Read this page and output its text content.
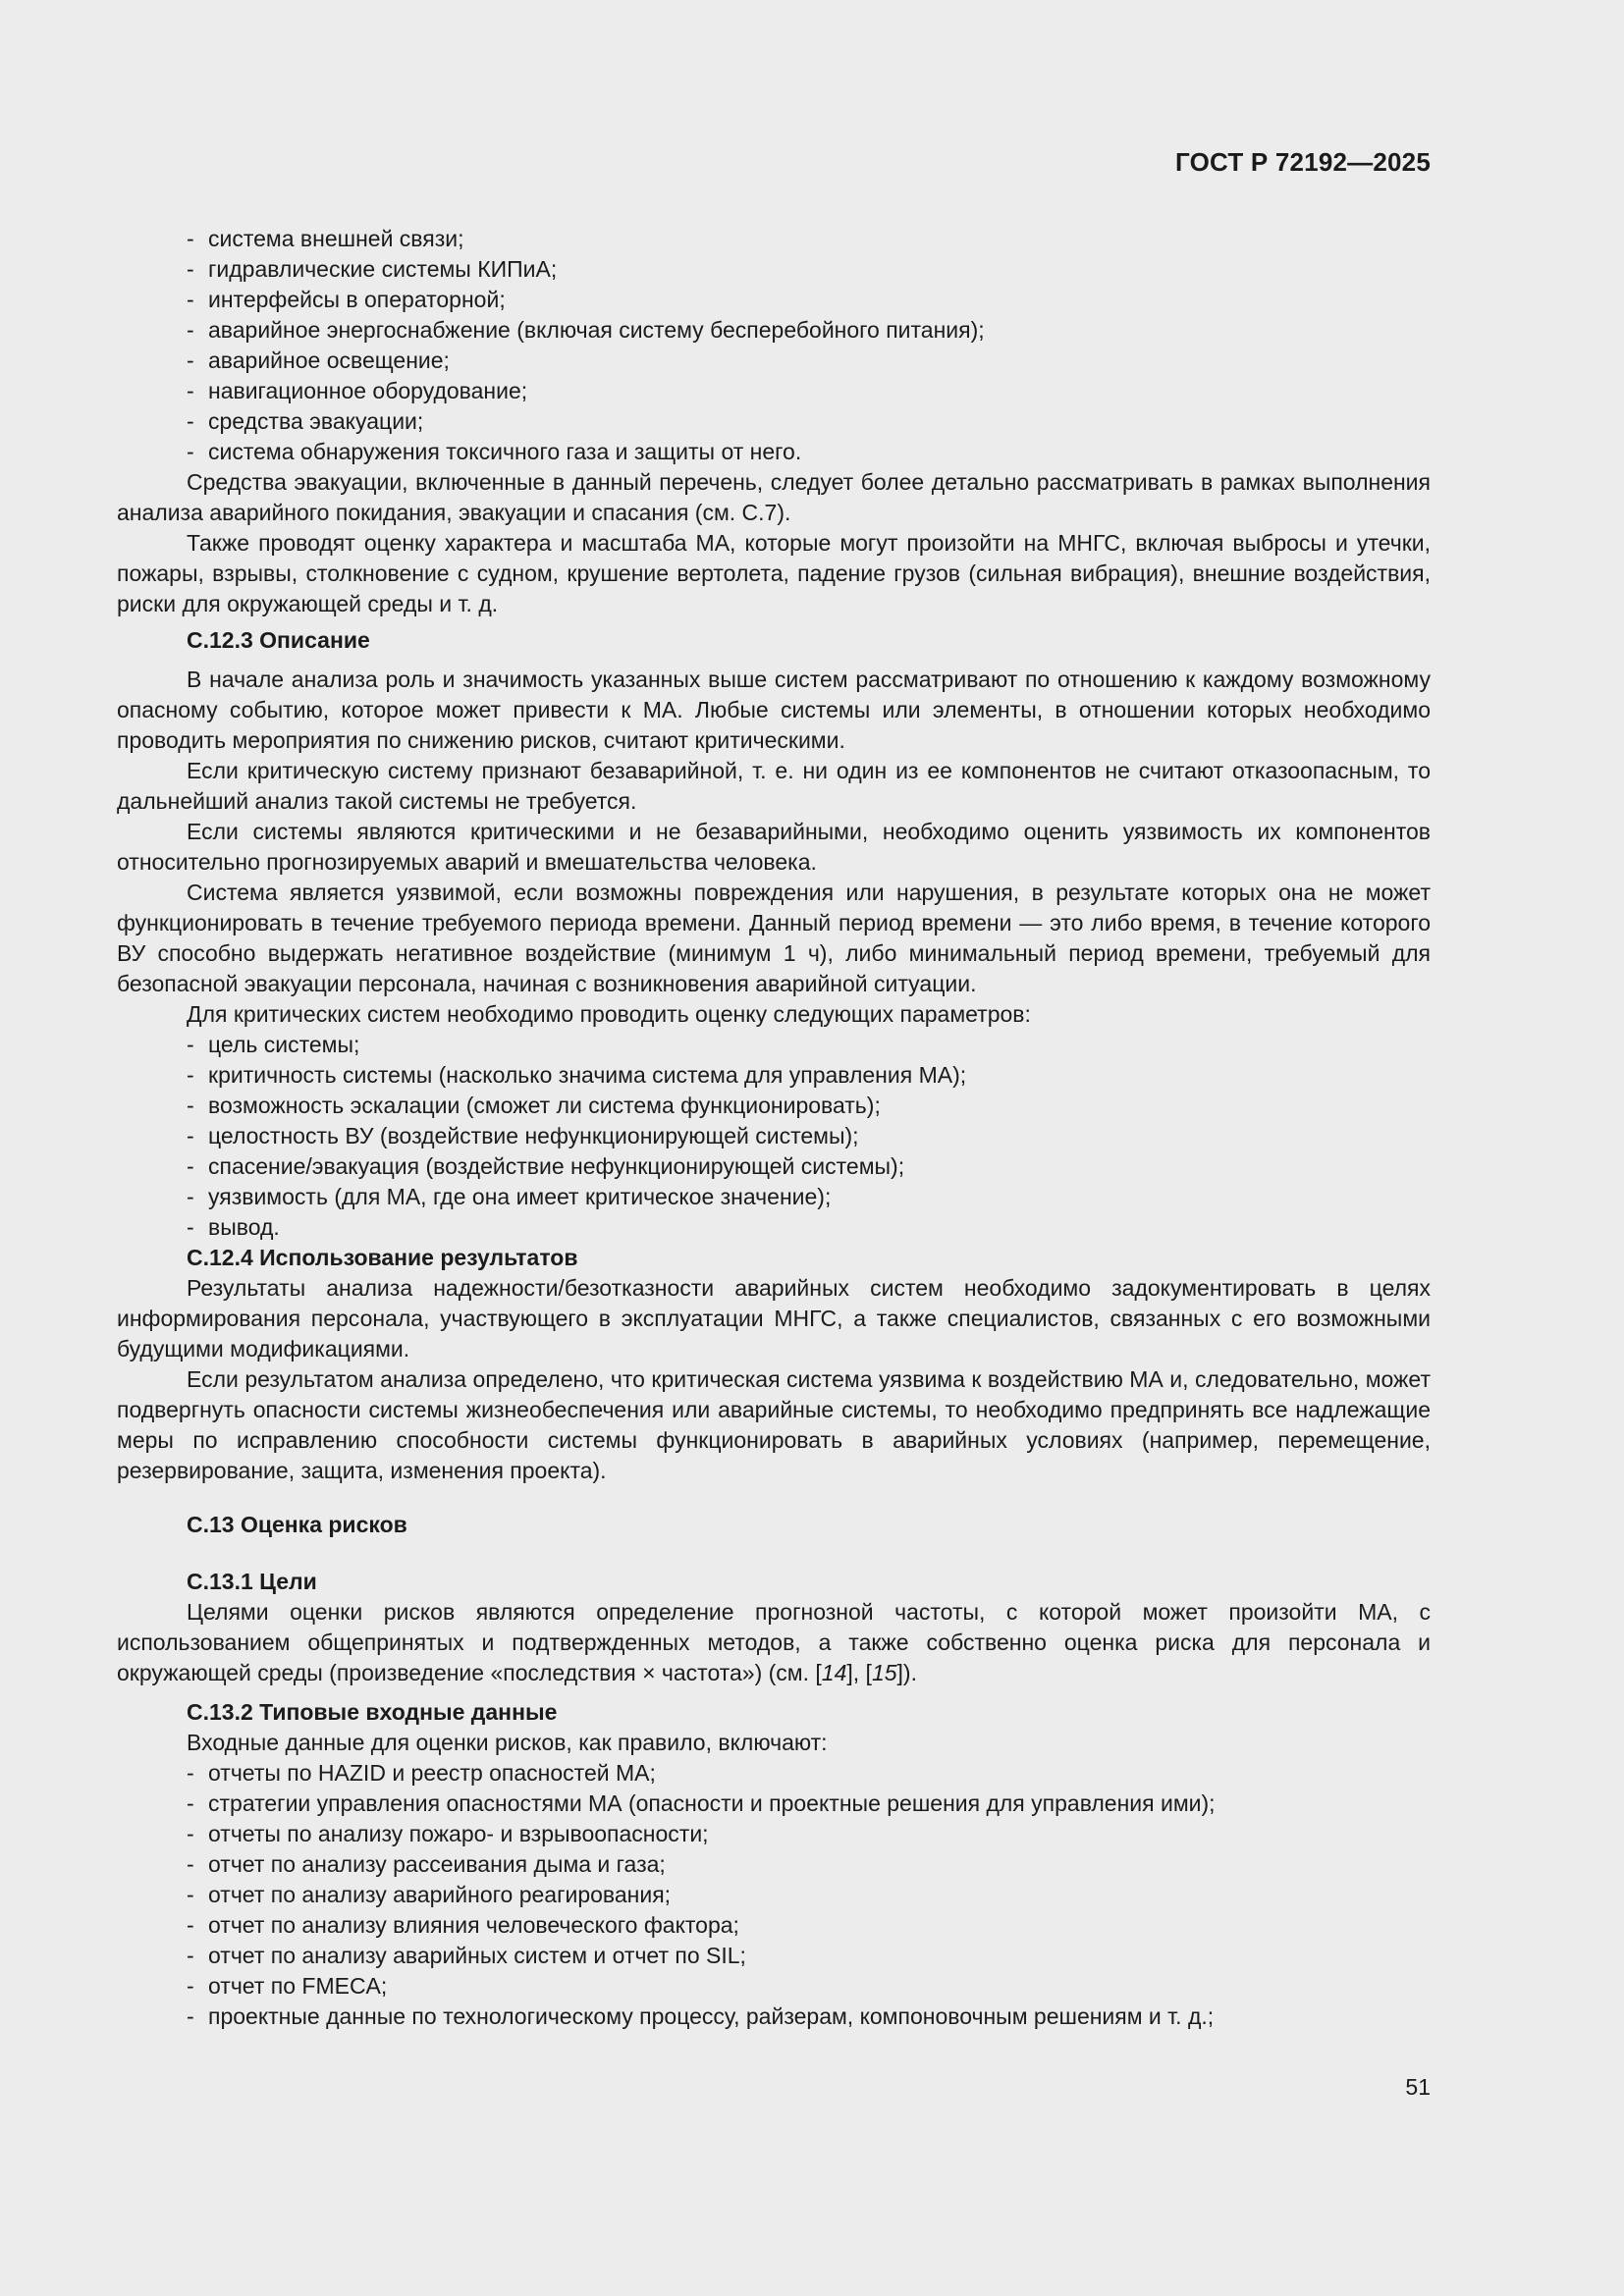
ГОСТ Р 72192—2025

- система внешней связи;

- гидравлические системы КИПиА;

- интерфейсы в операторной;

- аварийное энергоснабжение (включая систему бесперебойного питания);

- аварийное освещение;

- навигационное оборудование;

- средства эвакуации;

- система обнаружения токсичного газа и защиты от него.

Средства эвакуации, включенные в данный перечень, следует более детально рассматривать в рамках выполнения анализа аварийного покидания, эвакуации и спасания (см. С.7).

Также проводят оценку характера и масштаба МА, которые могут произойти на МНГС, включая выбросы и утечки, пожары, взрывы, столкновение с судном, крушение вертолета, падение грузов (сильная вибрация), внешние воздействия, риски для окружающей среды и т. д.

С.12.3 Описание

В начале анализа роль и значимость указанных выше систем рассматривают по отношению к каждому возможному опасному событию, которое может привести к МА. Любые системы или элементы, в отношении которых необходимо проводить мероприятия по снижению рисков, считают критическими.

Если критическую систему признают безаварийной, т. е. ни один из ее компонентов не считают отказоопасным, то дальнейший анализ такой системы не требуется.

Если системы являются критическими и не безаварийными, необходимо оценить уязвимость их компонентов относительно прогнозируемых аварий и вмешательства человека.

Система является уязвимой, если возможны повреждения или нарушения, в результате которых она не может функционировать в течение требуемого периода времени. Данный период времени — это либо время, в течение которого ВУ способно выдержать негативное воздействие (минимум 1 ч), либо минимальный период времени, требуемый для безопасной эвакуации персонала, начиная с возникновения аварийной ситуации.

Для критических систем необходимо проводить оценку следующих параметров:

- цель системы;

- критичность системы (насколько значима система для управления МА);

- возможность эскалации (сможет ли система функционировать);

- целостность ВУ (воздействие нефункционирующей системы);

- спасение/эвакуация (воздействие нефункционирующей системы);

- уязвимость (для МА, где она имеет критическое значение);

- вывод.

С.12.4 Использование результатов

Результаты анализа надежности/безотказности аварийных систем необходимо задокументировать в целях информирования персонала, участвующего в эксплуатации МНГС, а также специалистов, связанных с его возможными будущими модификациями.

Если результатом анализа определено, что критическая система уязвима к воздействию МА и, следовательно, может подвергнуть опасности системы жизнеобеспечения или аварийные системы, то необходимо предпринять все надлежащие меры по исправлению способности системы функционировать в аварийных условиях (например, перемещение, резервирование, защита, изменения проекта).

С.13 Оценка рисков

С.13.1 Цели

Целями оценки рисков являются определение прогнозной частоты, с которой может произойти МА, с использованием общепринятых и подтвержденных методов, а также собственно оценка риска для персонала и окружающей среды (произведение «последствия × частота») (см. [14], [15]).

С.13.2 Типовые входные данные

Входные данные для оценки рисков, как правило, включают:

- отчеты по HAZID и реестр опасностей МА;

- стратегии управления опасностями МА (опасности и проектные решения для управления ими);

- отчеты по анализу пожаро- и взрывоопасности;

- отчет по анализу рассеивания дыма и газа;

- отчет по анализу аварийного реагирования;

- отчет по анализу влияния человеческого фактора;

- отчет по анализу аварийных систем и отчет по SIL;

- отчет по FMECA;

- проектные данные по технологическому процессу, райзерам, компоновочным решениям и т. д.;

51
